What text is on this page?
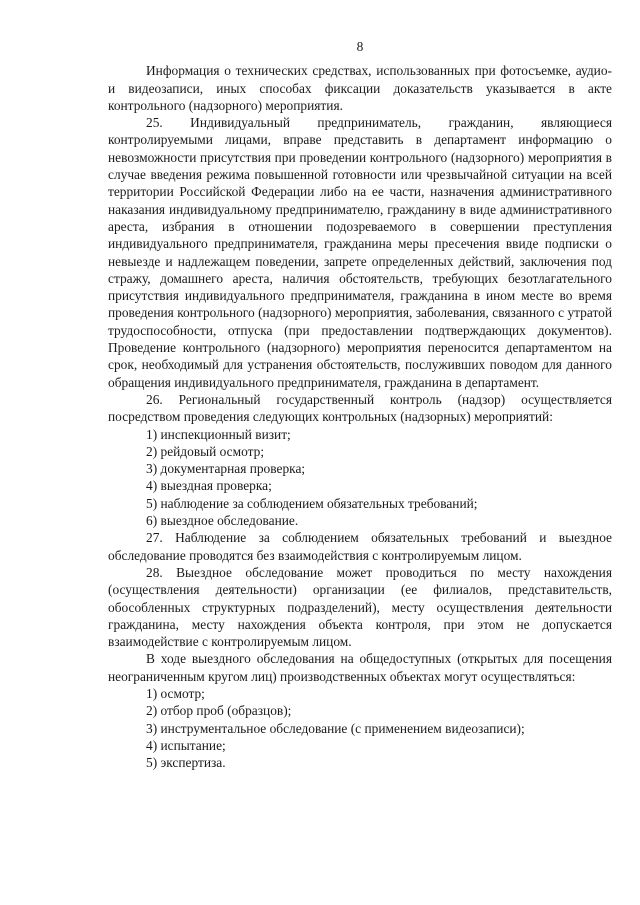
8

Информация о технических средствах, использованных при фотосъемке, аудио- и видеозаписи, иных способах фиксации доказательств указывается в акте контрольного (надзорного) мероприятия.

25. Индивидуальный предприниматель, гражданин, являющиеся контролируемыми лицами, вправе представить в департамент информацию о невозможности присутствия при проведении контрольного (надзорного) мероприятия в случае введения режима повышенной готовности или чрезвычайной ситуации на всей территории Российской Федерации либо на ее части, назначения административного наказания индивидуальному предпринимателю, гражданину в виде административного ареста, избрания в отношении подозреваемого в совершении преступления индивидуального предпринимателя, гражданина меры пресечения ввиде подписки о невыезде и надлежащем поведении, запрете определенных действий, заключения под стражу, домашнего ареста, наличия обстоятельств, требующих безотлагательного присутствия индивидуального предпринимателя, гражданина в ином месте во время проведения контрольного (надзорного) мероприятия, заболевания, связанного с утратой трудоспособности, отпуска (при предоставлении подтверждающих документов). Проведение контрольного (надзорного) мероприятия переносится департаментом на срок, необходимый для устранения обстоятельств, послуживших поводом для данного обращения индивидуального предпринимателя, гражданина в департамент.

26. Региональный государственный контроль (надзор) осуществляется посредством проведения следующих контрольных (надзорных) мероприятий:

1) инспекционный визит;
2) рейдовый осмотр;
3) документарная проверка;
4) выездная проверка;
5) наблюдение за соблюдением обязательных требований;
6) выездное обследование.

27. Наблюдение за соблюдением обязательных требований и выездное обследование проводятся без взаимодействия с контролируемым лицом.

28. Выездное обследование может проводиться по месту нахождения (осуществления деятельности) организации (ее филиалов, представительств, обособленных структурных подразделений), месту осуществления деятельности гражданина, месту нахождения объекта контроля, при этом не допускается взаимодействие с контролируемым лицом.

В ходе выездного обследования на общедоступных (открытых для посещения неограниченным кругом лиц) производственных объектах могут осуществляться:

1) осмотр;
2) отбор проб (образцов);
3) инструментальное обследование (с применением видеозаписи);
4) испытание;
5) экспертиза.
